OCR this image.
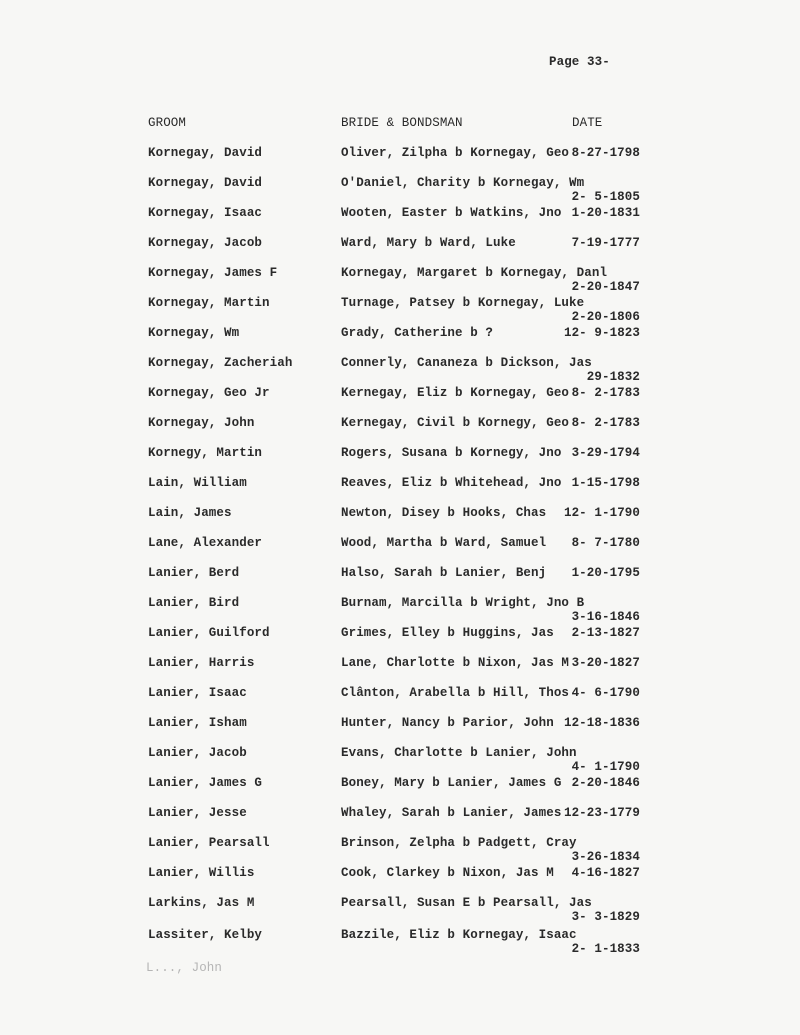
Page 33-
GROOM	BRIDE & BONDSMAN	DATE
Kornegay, David	Oliver, Zilpha b Kornegay, Geo 8-27-1798
Kornegay, David	O'Daniel, Charity b Kornegay, Wm
2- 5-1805
Kornegay, Isaac	Wooten, Easter b Watkins, Jno 1-20-1831
Kornegay, Jacob	Ward, Mary b Ward, Luke	7-19-1777
Kornegay, James F	Kornegay, Margaret b Kornegay, Danl
2-20-1847
Kornegay, Martin	Turnage, Patsey b Kornegay, Luke
2-20-1806
Kornegay, Wm	Grady, Catherine b ?	12- 9-1823
Kornegay, Zacheriah	Connerly, Cananeza b Dickson, Jas
29-1832
Kornegay, Geo Jr	Kernegay, Eliz b Kornegay, Geo 8- 2-1783
Kornegay, John	Kernegay, Civil b Kornegy, Geo 8- 2-1783
Kornegy, Martin	Rogers, Susana b Kornegy, Jno 3-29-1794
Lain, William	Reaves, Eliz b Whitehead, Jno 1-15-1798
Lain, James	Newton, Disey b Hooks, Chas 12- 1-1790
Lane, Alexander	Wood, Martha b Ward, Samuel 8- 7-1780
Lanier, Berd	Halso, Sarah b Lanier, Benj 1-20-1795
Lanier, Bird	Burnam, Marcilla b Wright, Jno B
3-16-1846
Lanier, Guilford	Grimes, Elley b Huggins, Jas 2-13-1827
Lanier, Harris	Lane, Charlotte b Nixon, Jas M 3-20-1827
Lanier, Isaac	Clânton, Arabella b Hill, Thos 4- 6-1790
Lanier, Isham	Hunter, Nancy b Parior, John 12-18-1836
Lanier, Jacob	Evans, Charlotte b Lanier, John
4- 1-1790
Lanier, James G	Boney, Mary b Lanier, James G 2-20-1846
Lanier, Jesse	Whaley, Sarah b Lanier, James 12-23-1779
Lanier, Pearsall	Brinson, Zelpha b Padgett, Cray
3-26-1834
Lanier, Willis	Cook, Clarkey b Nixon, Jas M 4-16-1827
Larkins, Jas M	Pearsall, Susan E b Pearsall, Jas
3- 3-1829
Lassiter, Kelby	Bazzile, Eliz b Kornegay, Isaac
2- 1-1833
L..., John
